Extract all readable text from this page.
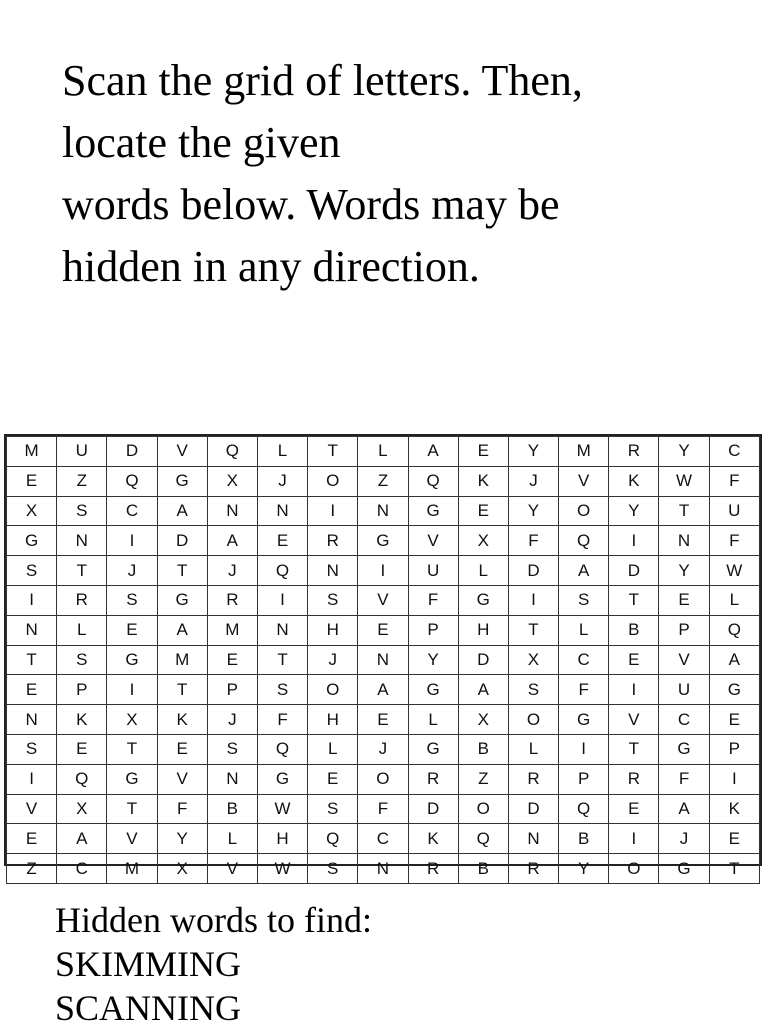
Scan the grid of letters. Then,

locate the given

words below. Words may be

hidden in any direction.

M	U	D	V	Q	L	T	L	A	E	Y	M	R	Y	C
E	Z	Q	G	X	J	O	Z	Q	K	J	V	K	W	F
X	S	C	A	N	N	I	N	G	E	Y	O	Y	T	U
G	N	I	D	A	E	R	G	V	X	F	Q	I	N	F
S	T	J	T	J	Q	N	I	U	L	D	A	D	Y	W
I	R	S	G	R	I	S	V	F	G	I	S	T	E	L
N	L	E	A	M	N	H	E	P	H	T	L	B	P	Q
T	S	G	M	E	T	J	N	Y	D	X	C	E	V	A
E	P	I	T	P	S	O	A	G	A	S	F	I	U	G
N	K	X	K	J	F	H	E	L	X	O	G	V	C	E
S	E	T	E	S	Q	L	J	G	B	L	I	T	G	P
I	Q	G	V	N	G	E	O	R	Z	R	P	R	F	I
V	X	T	F	B	W	S	F	D	O	D	Q	E	A	K
E	A	V	Y	L	H	Q	C	K	Q	N	B	I	J	E
Z	C	M	X	V	W	S	N	R	B	R	Y	O	G	T

Hidden words to find:

SKIMMING
SCANNING
